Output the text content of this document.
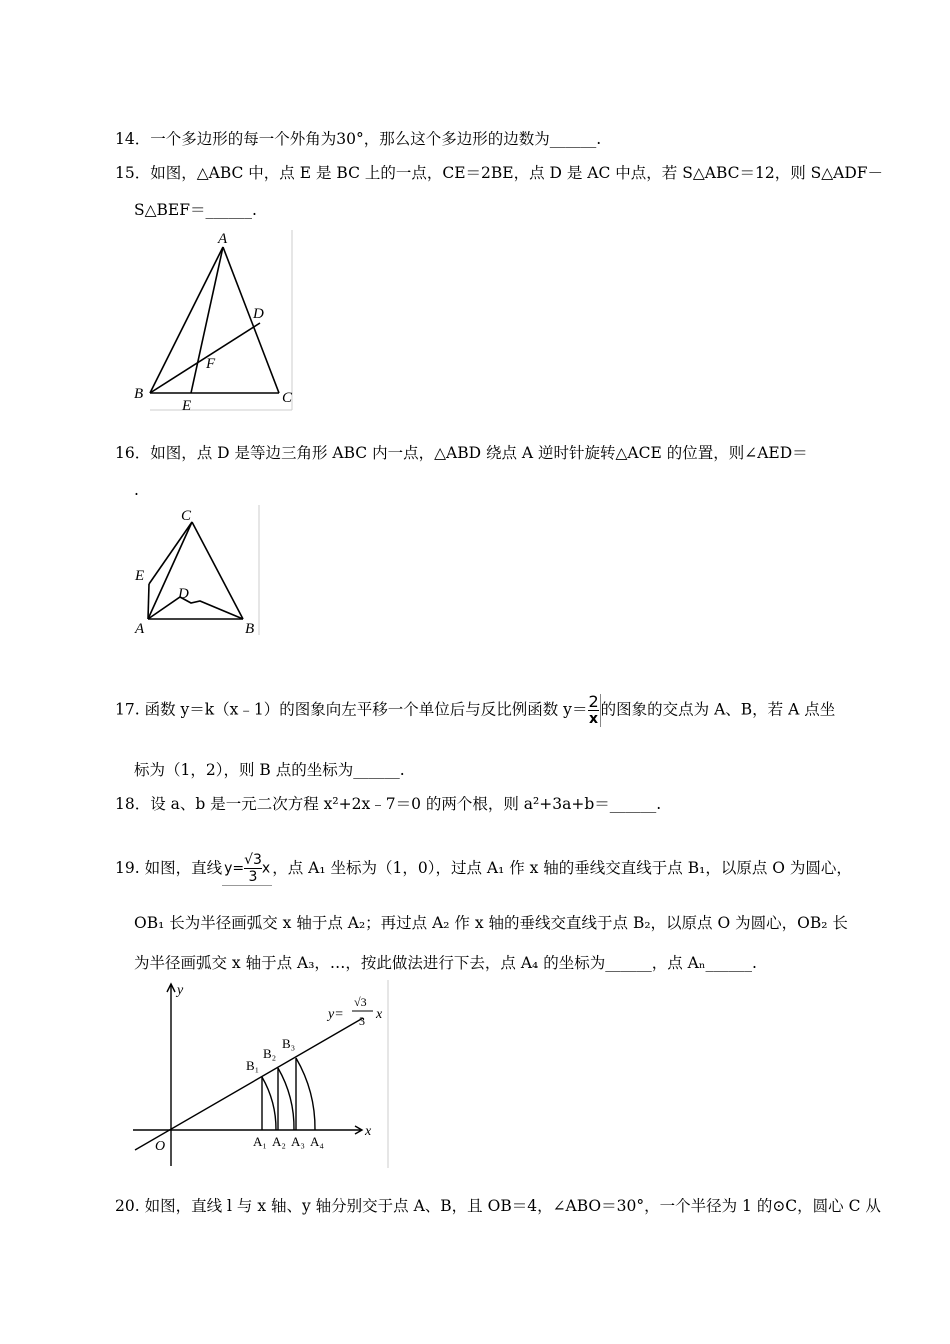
14．一个多边形的每一个外角为30°，那么这个多边形的边数为______.
15．如图，△ABC 中，点 E 是 BC 上的一点，CE＝2BE，点 D 是 AC 中点，若 S△ABC＝12，则 S△ADF－
S△BEF＝______.
A
D
F
B
E	C
16．如图，点 D 是等边三角形 ABC 内一点，△ABD 绕点 A 逆时针旋转△ACE 的位置，则∠AED＝
.
C
E
D
A	B
17. 函数 y＝k（x﹣1）的图象向左平移一个单位后与反比例函数 $y= \frac{2}{x}$ 的图象的交点为 A、B，若 A 点坐
标为（1，2），则 B 点的坐标为______.
18．设 a、b 是一元二次方程 x²+2x﹣7＝0 的两个根，则 a²+3a+b＝______.
19. 如图，直线 $y= \frac{√3}{3}$ x ，点 A₁ 坐标为（1，0），过点 A₁ 作 x 轴的垂线交直线于点 B₁，以原点 O 为圆心，
OB₁ 长为半径画弧交 x 轴于点 A₂；再过点 A₂ 作 x 轴的垂线交直线于点 B₂，以原点 O 为圆心，OB₂ 长
为半径画弧交 x 轴于点 A₃，…，按此做法进行下去，点 A₄ 的坐标为______，点 Aₙ______.
y
x
O
y=
√3
3 x
B₁
B₂
B₃
A₁ A₂ A₃ A₄
20. 如图，直线 l 与 x 轴、y 轴分别交于点 A、B，且 OB＝4，∠ABO＝30°，一个半径为 1 的⊙C，圆心 C 从
